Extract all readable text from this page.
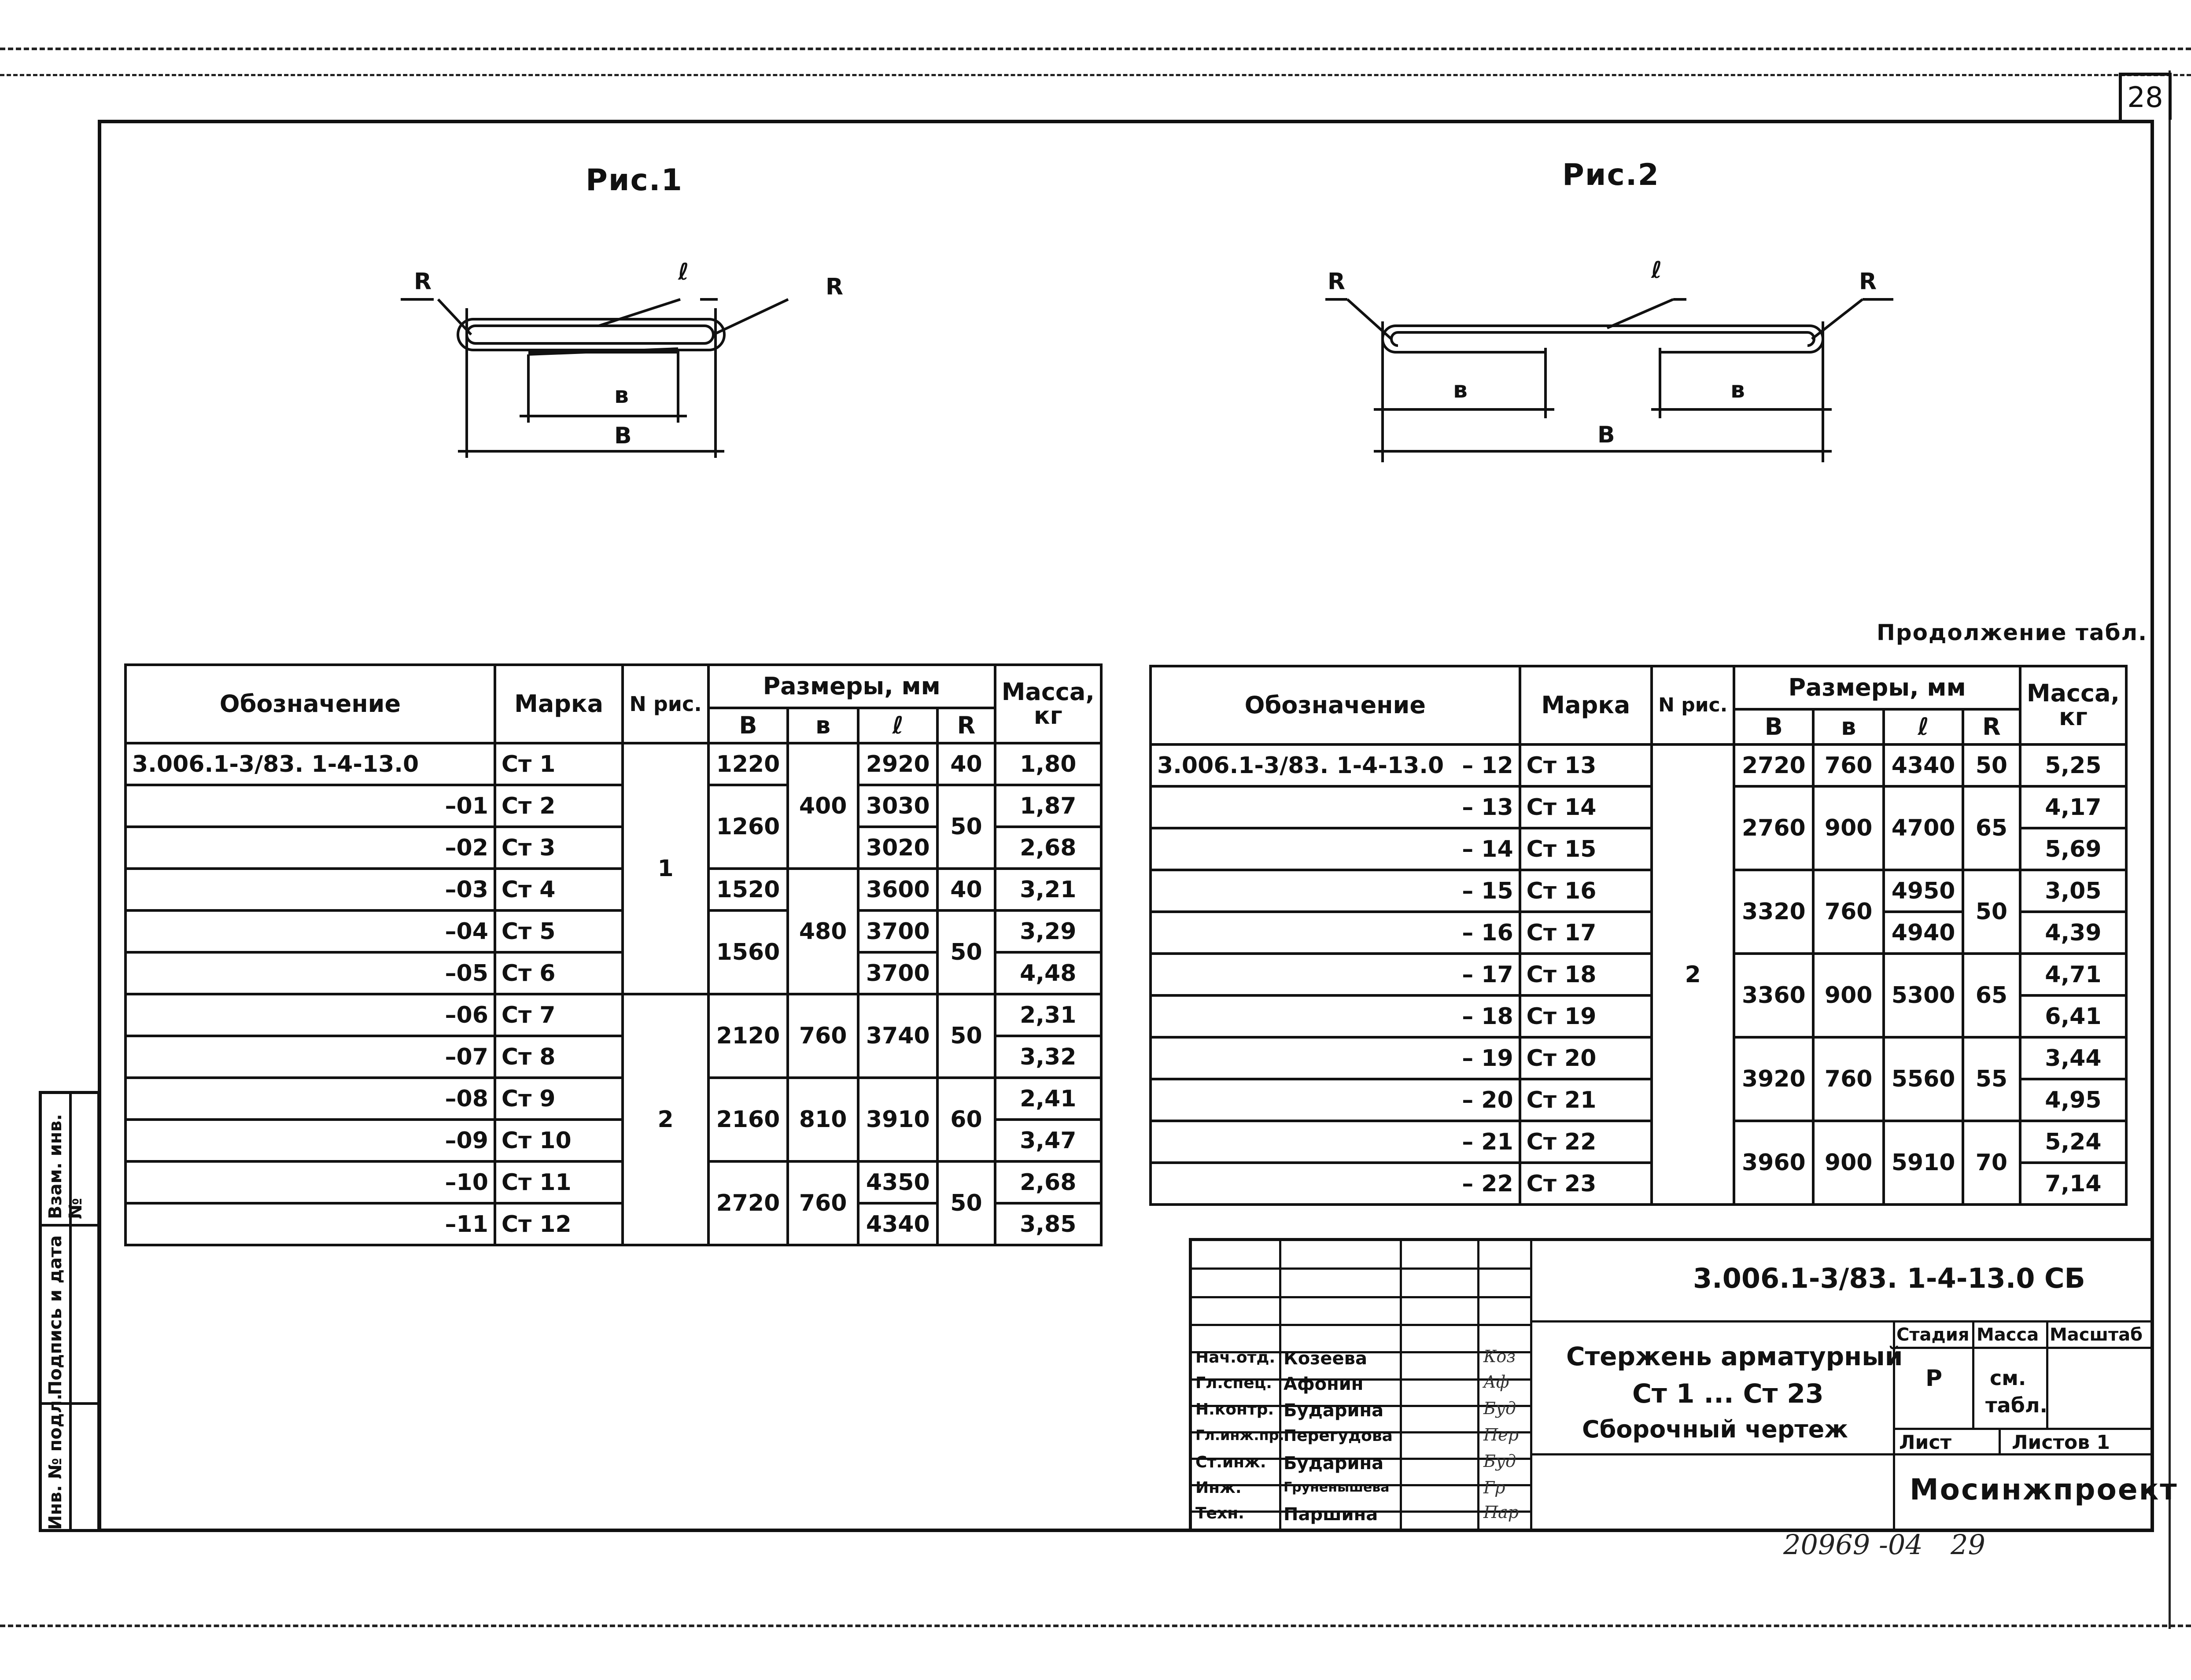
28
Рис.1
R	R
ℓ
в
В
Рис.2
R	R
ℓ
в	в
В
Обозначение	Марка	N рис.	Размеры, мм				Масса,
кг
			В	в	ℓ	R	
3.006.1-3/83. 1-4-13.0	Ст 1	1	1220	400	2920	40	1,80
–01	Ст 2		1260		3030	50	1,87
–02	Ст 3				3020		2,68
–03	Ст 4		1520	480	3600	40	3,21
–04	Ст 5		1560		3700	50	3,29
–05	Ст 6				3700		4,48
–06	Ст 7	2	2120	760	3740	50	2,31
–07	Ст 8						3,32
–08	Ст 9		2160	810	3910	60	2,41
–09	Ст 10						3,47
–10	Ст 11		2720	760	4350	50	2,68
–11	Ст 12				4340		3,85
Продолжение табл.
Обозначение	Марка	N рис.	Размеры, мм				Масса,
кг
			В	в	ℓ	R	
3.006.1-3/83. 1-4-13.0 – 12	Ст 13	2	2720	760	4340	50	5,25
– 13	Ст 14		2760	900	4700	65	4,17
– 14	Ст 15						5,69
– 15	Ст 16		3320	760	4950	50	3,05
– 16	Ст 17				4940		4,39
– 17	Ст 18		3360	900	5300	65	4,71
– 18	Ст 19						6,41
– 19	Ст 20		3920	760	5560	55	3,44
– 20	Ст 21						4,95
– 21	Ст 22		3960	900	5910	70	5,24
– 22	Ст 23						7,14
Инв. № подл.
Подпись и дата
Взам. инв. №
3.006.1-3/83. 1-4-13.0 СБ
Стержень арматурный
Ст 1 ... Ст 23
Сборочный чертеж
Стадия Масса Масштаб
Р см.
табл.
Лист	Листов 1
Мосинжпроект
Нач.отд. Козеева	Коз
Гл.спец. Афонин	Аф
Н.контр. Бударина	Буд
Гл.инж.пр.
Перегудова	Пер
Ст.инж. Бударина	Буд
Инж.	Груненышева	Гр
Техн. Паршина	Пар
20969 -04 29
